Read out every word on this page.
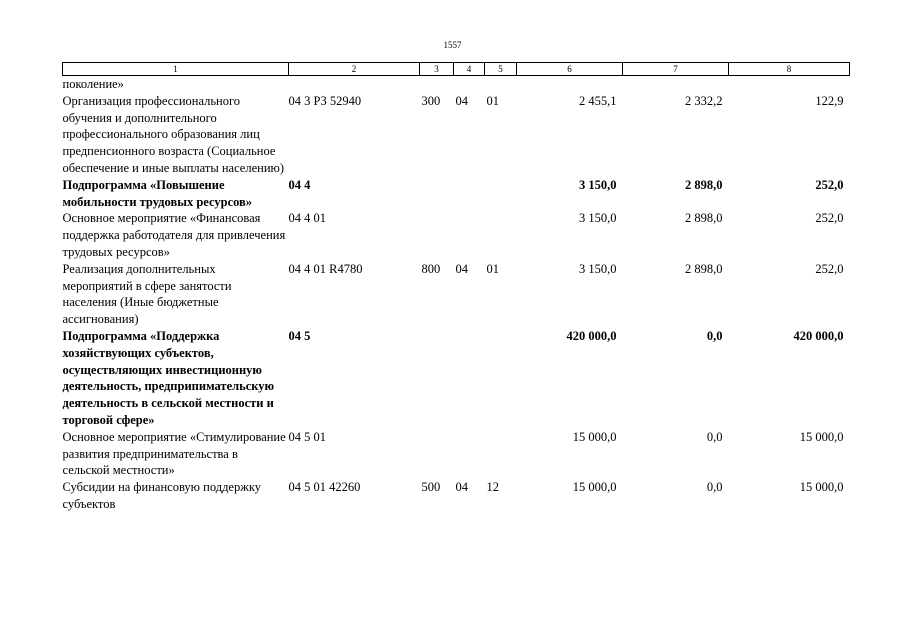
1557
1	2	3	4	5	6	7	8
поколение»							
Организация профессионального обучения и дополнительного профессионального образования лиц предпенсионного возраста (Социальное обеспечение и иные выплаты населению)	04 3 P3 52940	300	04	01	2 455,1	2 332,2	122,9
Подпрограмма «Повышение мобильности трудовых ресурсов»	04 4				3 150,0	2 898,0	252,0
Основное мероприятие «Финансовая поддержка работодателя для привлечения трудовых ресурсов»	04 4 01				3 150,0	2 898,0	252,0
Реализация дополнительных мероприятий в сфере занятости населения (Иные бюджетные ассигнования)	04 4 01 R4780	800	04	01	3 150,0	2 898,0	252,0
Подпрограмма «Поддержка хозяйствующих субъектов, осуществляющих инвестиционную деятельность, предприпимательскую деятельность в сельской местности и торговой сфере»	04 5				420 000,0	0,0	420 000,0
Основное мероприятие «Стимулирование развития предпринимательства в сельской местности»	04 5 01				15 000,0	0,0	15 000,0
Субсидии на финансовую поддержку субъектов	04 5 01 42260	500	04	12	15 000,0	0,0	15 000,0
